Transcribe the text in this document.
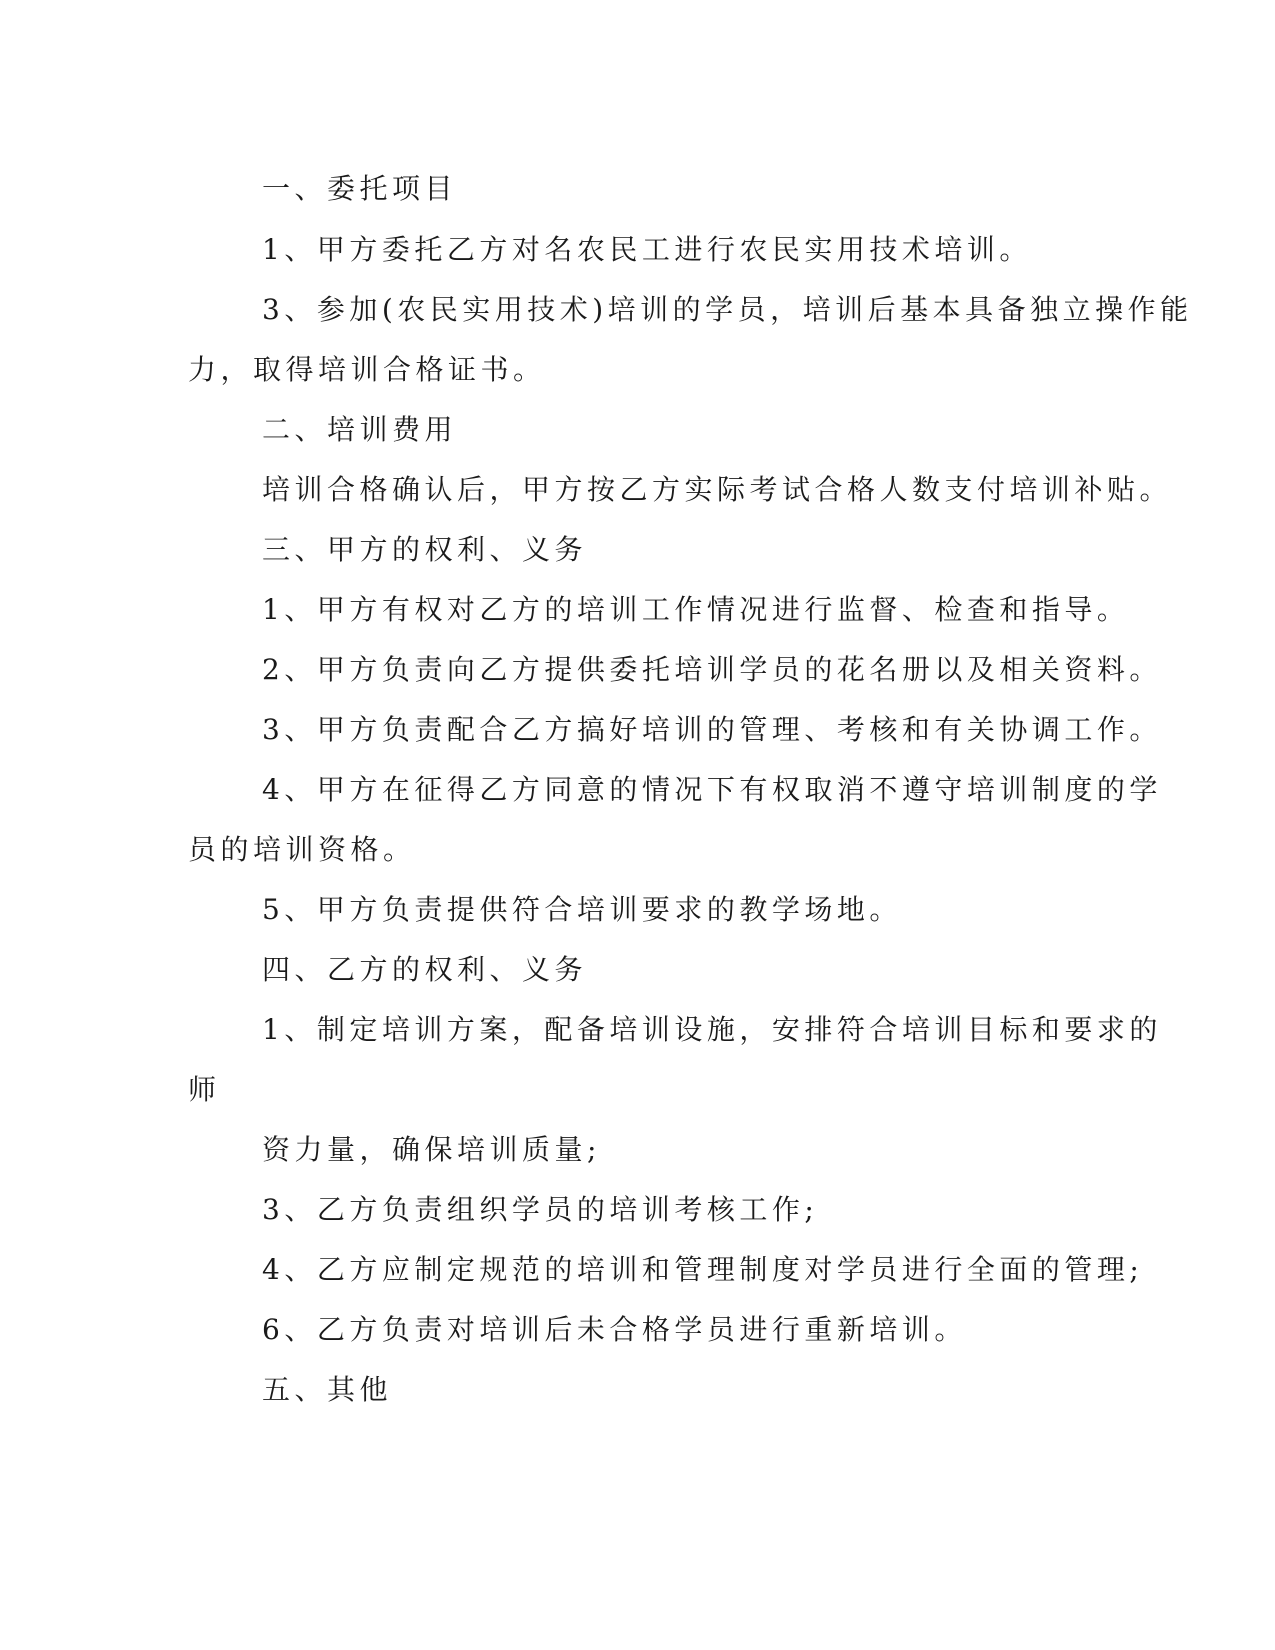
一、委托项目
1、甲方委托乙方对名农民工进行农民实用技术培训。
3、参加(农民实用技术)培训的学员，培训后基本具备独立操作能
力，取得培训合格证书。
二、培训费用
培训合格确认后，甲方按乙方实际考试合格人数支付培训补贴。
三、甲方的权利、义务
1、甲方有权对乙方的培训工作情况进行监督、检查和指导。
2、甲方负责向乙方提供委托培训学员的花名册以及相关资料。
3、甲方负责配合乙方搞好培训的管理、考核和有关协调工作。
4、甲方在征得乙方同意的情况下有权取消不遵守培训制度的学
员的培训资格。
5、甲方负责提供符合培训要求的教学场地。
四、乙方的权利、义务
1、制定培训方案，配备培训设施，安排符合培训目标和要求的
师
资力量，确保培训质量;
3、乙方负责组织学员的培训考核工作;
4、乙方应制定规范的培训和管理制度对学员进行全面的管理;
6、乙方负责对培训后未合格学员进行重新培训。
五、其他
